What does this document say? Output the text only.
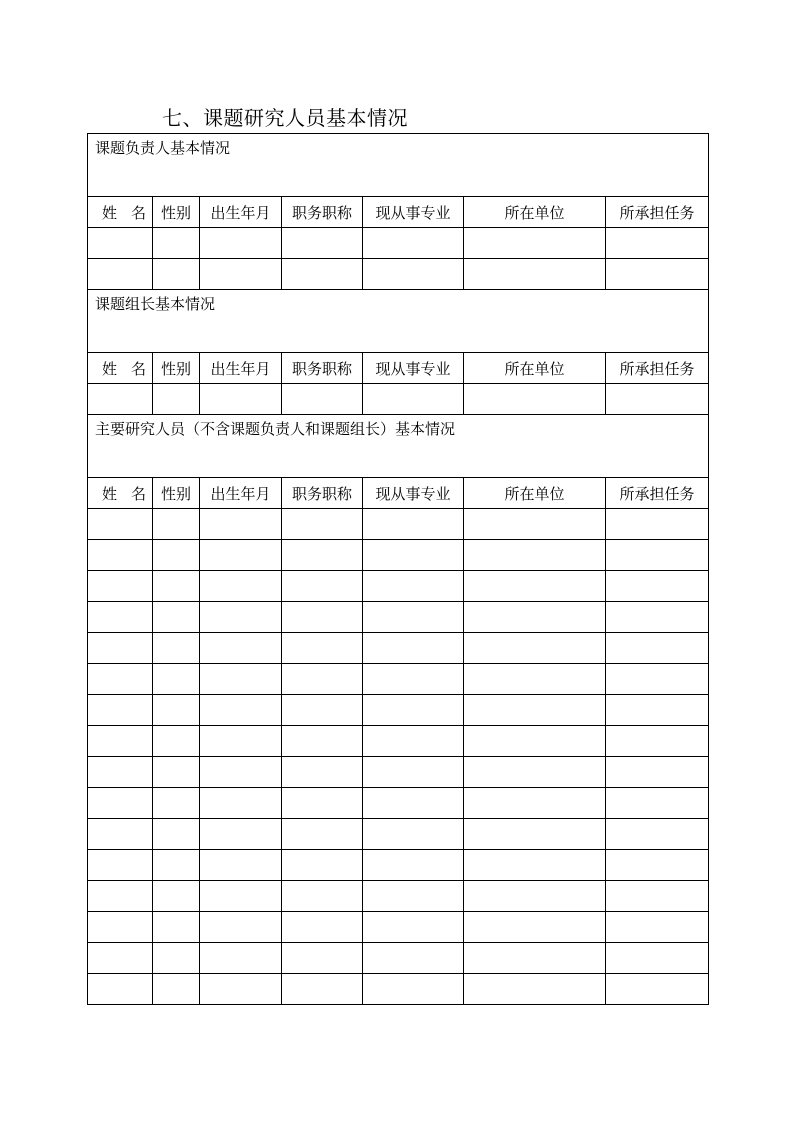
七、课题研究人员基本情况
课题负责人基本情况						
姓名	性别	出生年月	职务职称	现从事专业	所在单位	所承担任务

课题组长基本情况						
姓名	性别	出生年月	职务职称	现从事专业	所在单位	所承担任务

主要研究人员（不含课题负责人和课题组长）基本情况						
姓名	性别	出生年月	职务职称	现从事专业	所在单位	所承担任务
